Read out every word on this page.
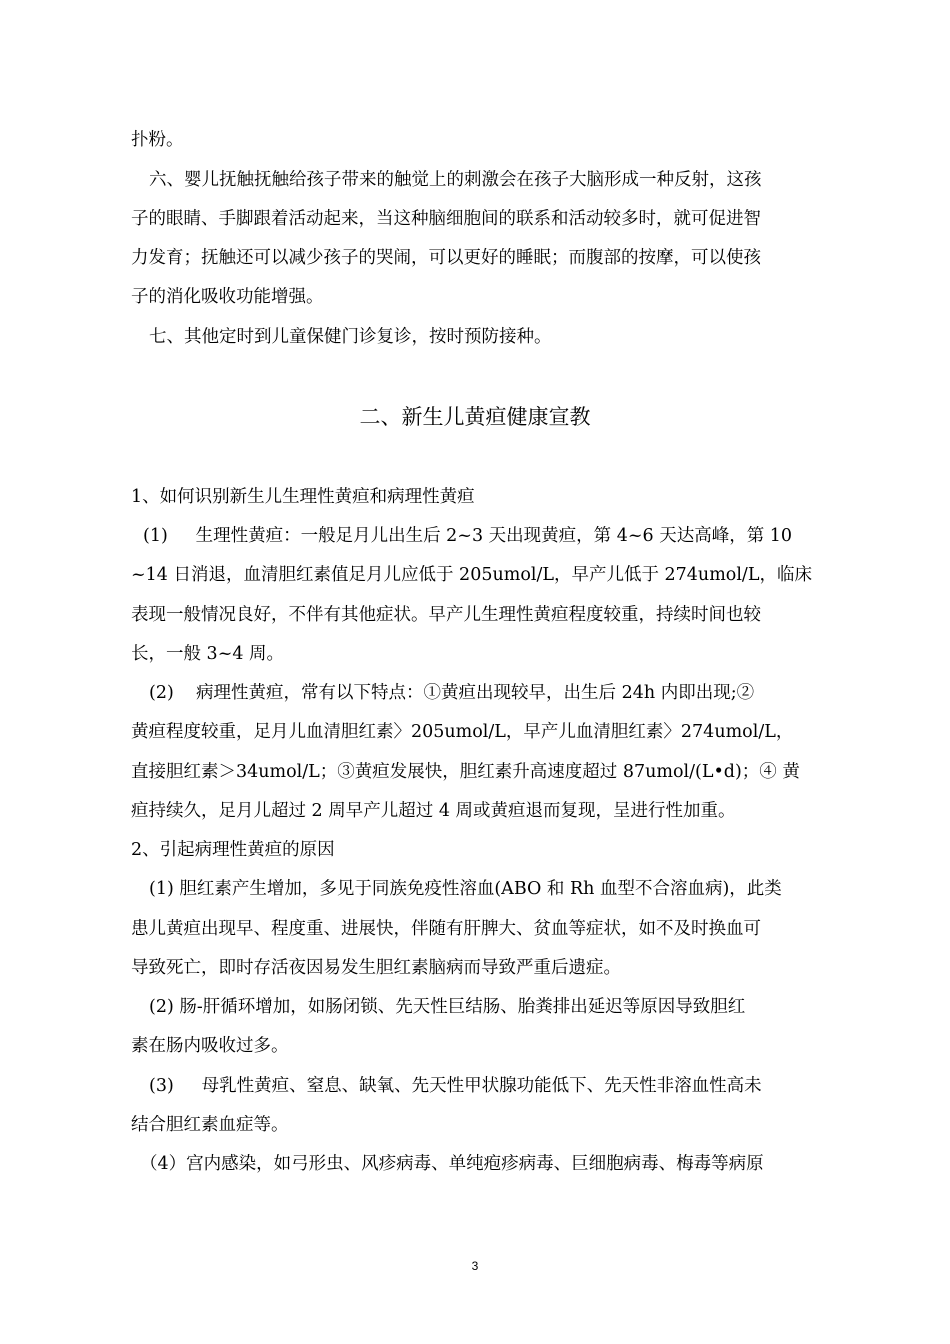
扑粉。
六、婴儿抚触抚触给孩子带来的触觉上的刺激会在孩子大脑形成一种反射，这孩
子的眼睛、手脚跟着活动起来，当这种脑细胞间的联系和活动较多时，就可促进智
力发育；抚触还可以减少孩子的哭闹，可以更好的睡眠；而腹部的按摩，可以使孩
子的消化吸收功能增强。
七、其他定时到儿童保健门诊复诊，按时预防接种。
二、新生儿黄疸健康宣教
1、如何识别新生儿生理性黄疸和病理性黄疸
(1)     生理性黄疸：一般足月儿出生后 2~3 天出现黄疸，第 4~6 天达高峰，第 10
~14 日消退，血清胆红素值足月儿应低于 205umol/L，早产儿低于 274umol/L，临床
表现一般情况良好，不伴有其他症状。早产儿生理性黄疸程度较重，持续时间也较
长，一般 3~4 周。
(2)    病理性黄疸，常有以下特点：①黄疸出现较早，出生后 24h 内即出现;②
黄疸程度较重，足月儿血清胆红素〉205umol/L，早产儿血清胆红素〉274umol/L，
直接胆红素＞34umol/L；③黄疸发展快，胆红素升高速度超过 87umol/(L•d)；④ 黄
疸持续久，足月儿超过 2 周早产儿超过 4 周或黄疸退而复现，呈进行性加重。
2、引起病理性黄疸的原因
(1) 胆红素产生增加，多见于同族免疫性溶血(ABO 和 Rh 血型不合溶血病)，此类
患儿黄疸出现早、程度重、进展快，伴随有肝脾大、贫血等症状，如不及时换血可
导致死亡，即时存活夜因易发生胆红素脑病而导致严重后遗症。
(2) 肠-肝循环增加，如肠闭锁、先天性巨结肠、胎粪排出延迟等原因导致胆红
素在肠内吸收过多。
(3)     母乳性黄疸、窒息、缺氧、先天性甲状腺功能低下、先天性非溶血性高未
结合胆红素血症等。
（4）宫内感染，如弓形虫、风疹病毒、单纯疱疹病毒、巨细胞病毒、梅毒等病原
3
